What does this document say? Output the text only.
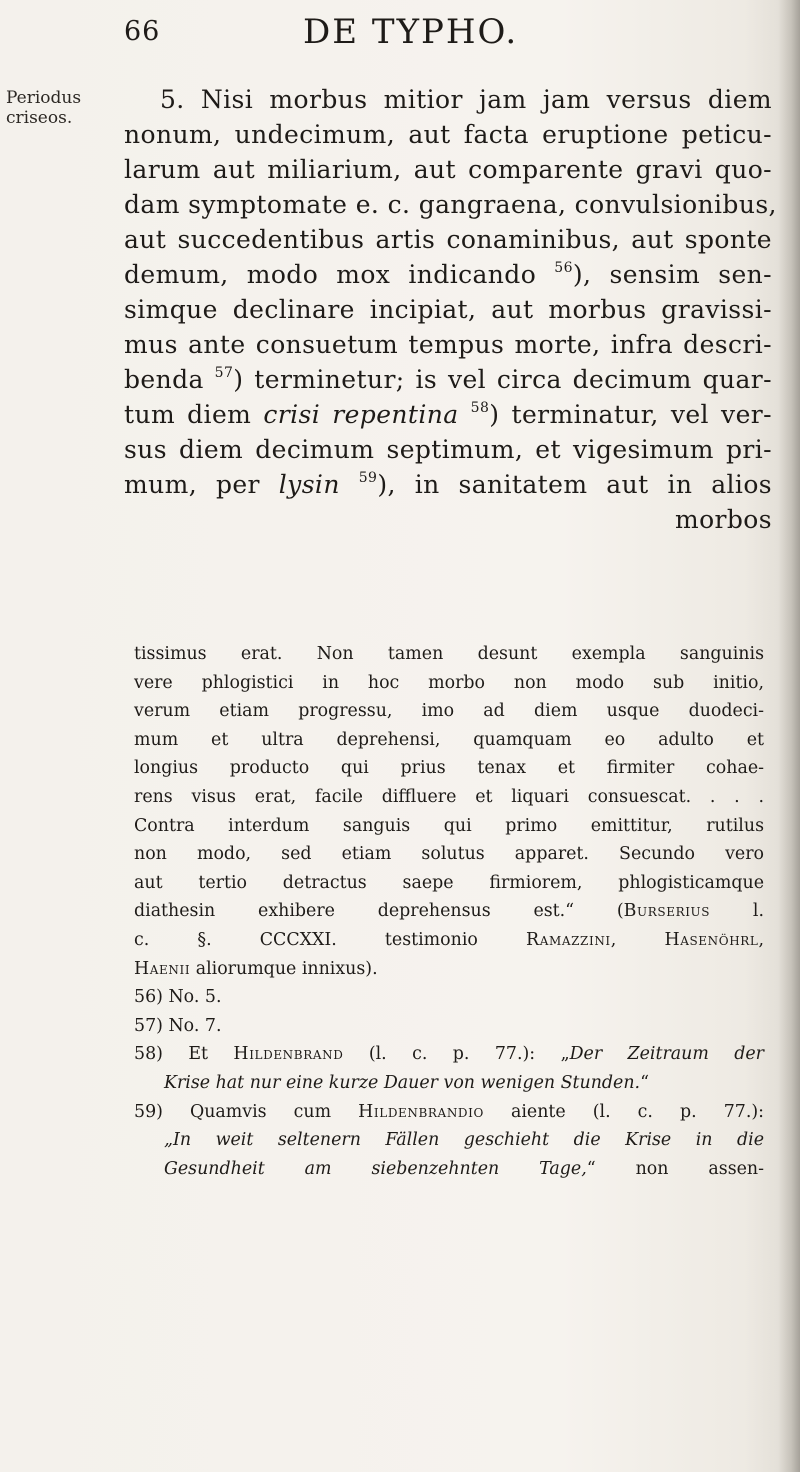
66	DE TYPHO.
Periodus
criseos.
5. Nisi morbus mitior jam jam versus diem
nonum, undecimum, aut facta eruptione peticu-
larum aut miliarium, aut comparente gravi quo-
dam symptomate e. c. gangraena, convulsionibus,
aut succedentibus artis conaminibus, aut sponte
demum, modo mox indicando $^{56}$), sensim sen-
simque declinare incipiat, aut morbus gravissi-
mus ante consuetum tempus morte, infra descri-
benda $^{57}$) terminetur; is vel circa decimum quar-
tum diem crisi repentina $^{58}$) terminatur, vel ver-
sus diem decimum septimum, et vigesimum pri-
mum, per lysin $^{59}$), in sanitatem aut in alios
morbos
tissimus erat. Non tamen desunt exempla sanguinis
vere phlogistici in hoc morbo non modo sub initio,
verum etiam progressu, imo ad diem usque duodeci-
mum et ultra deprehensi, quamquam eo adulto et
longius producto qui prius tenax et firmiter cohae-
rens visus erat, facile diffluere et liquari consuescat. . . .
Contra interdum sanguis qui primo emittitur, rutilus
non modo, sed etiam solutus apparet. Secundo vero
aut tertio detractus saepe firmiorem, phlogisticamque
diathesin exhibere deprehensus est.“ (Burserius l.
c. §. CCCXXI. testimonio Ramazzini, Hasenöhrl,
Haenii aliorumque innixus).
56) No. 5.
57) No. 7.
58) Et Hildenbrand (l. c. p. 77.): „Der Zeitraum der
Krise hat nur eine kurze Dauer von wenigen Stunden.“
59) Quamvis cum Hildenbrandio aiente (l. c. p. 77.):
„In weit seltenern Fällen geschieht die Krise in die
Gesundheit am siebenzehnten Tage,“ non assen-
